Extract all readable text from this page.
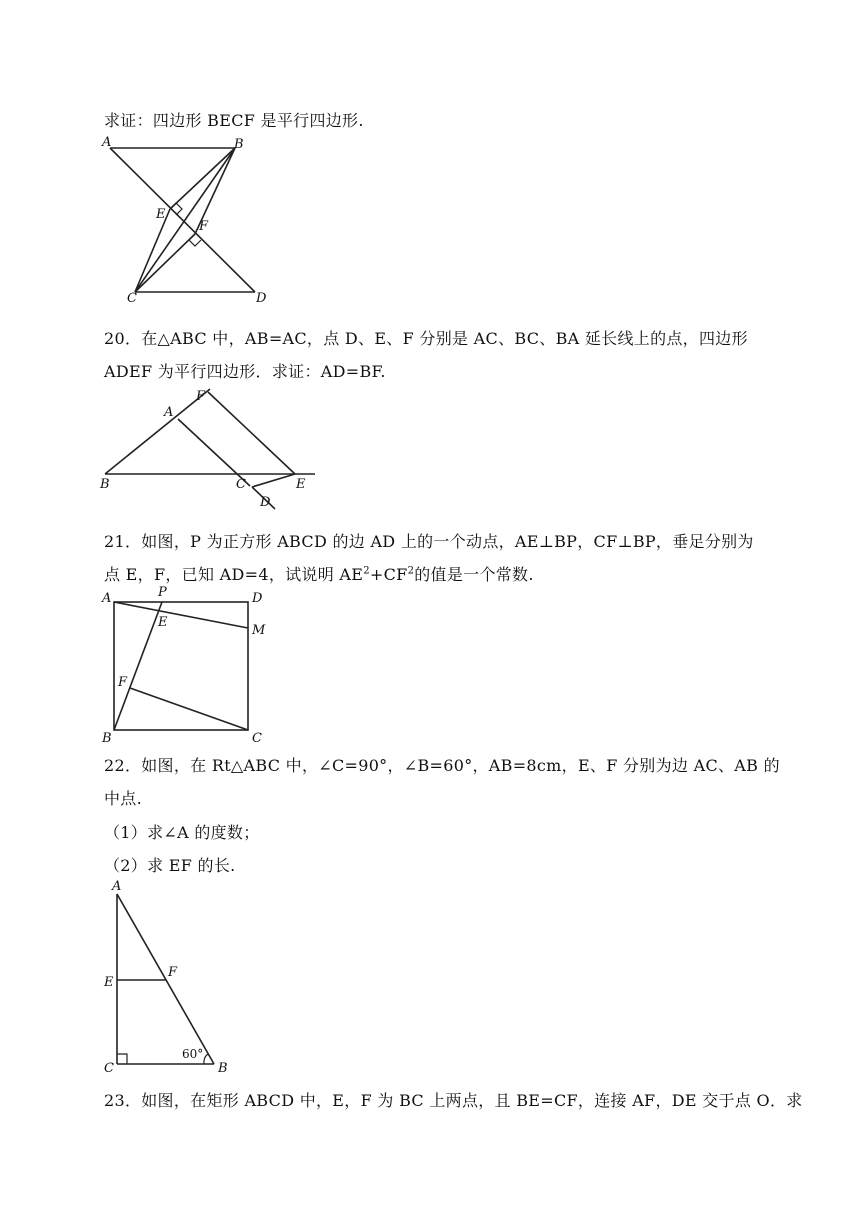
求证：四边形 BECF 是平行四边形.
A	B
C	D
E
F
20．在△ABC 中，AB=AC，点 D、E、F 分别是 AC、BC、BA 延长线上的点，四边形
ADEF 为平行四边形．求证：AD=BF.
A
B	C
D
E
F
21．如图，P 为正方形 ABCD 的边 AD 上的一个动点，AE⊥BP，CF⊥BP，垂足分别为
点 E，F，已知 AD=4，试说明 $AE^2+CF^2$的值是一个常数.
A	P	D
E
M
F
B	C
22．如图，在 Rt△ABC 中，∠C=90°，∠B=60°，AB=8cm，E、F 分别为边 AC、AB 的
中点.
（1）求∠A 的度数；
（2）求 EF 的长.
A
E
F
C	B
60°
23．如图，在矩形 ABCD 中，E，F 为 BC 上两点，且 BE=CF，连接 AF，DE 交于点 O．求
